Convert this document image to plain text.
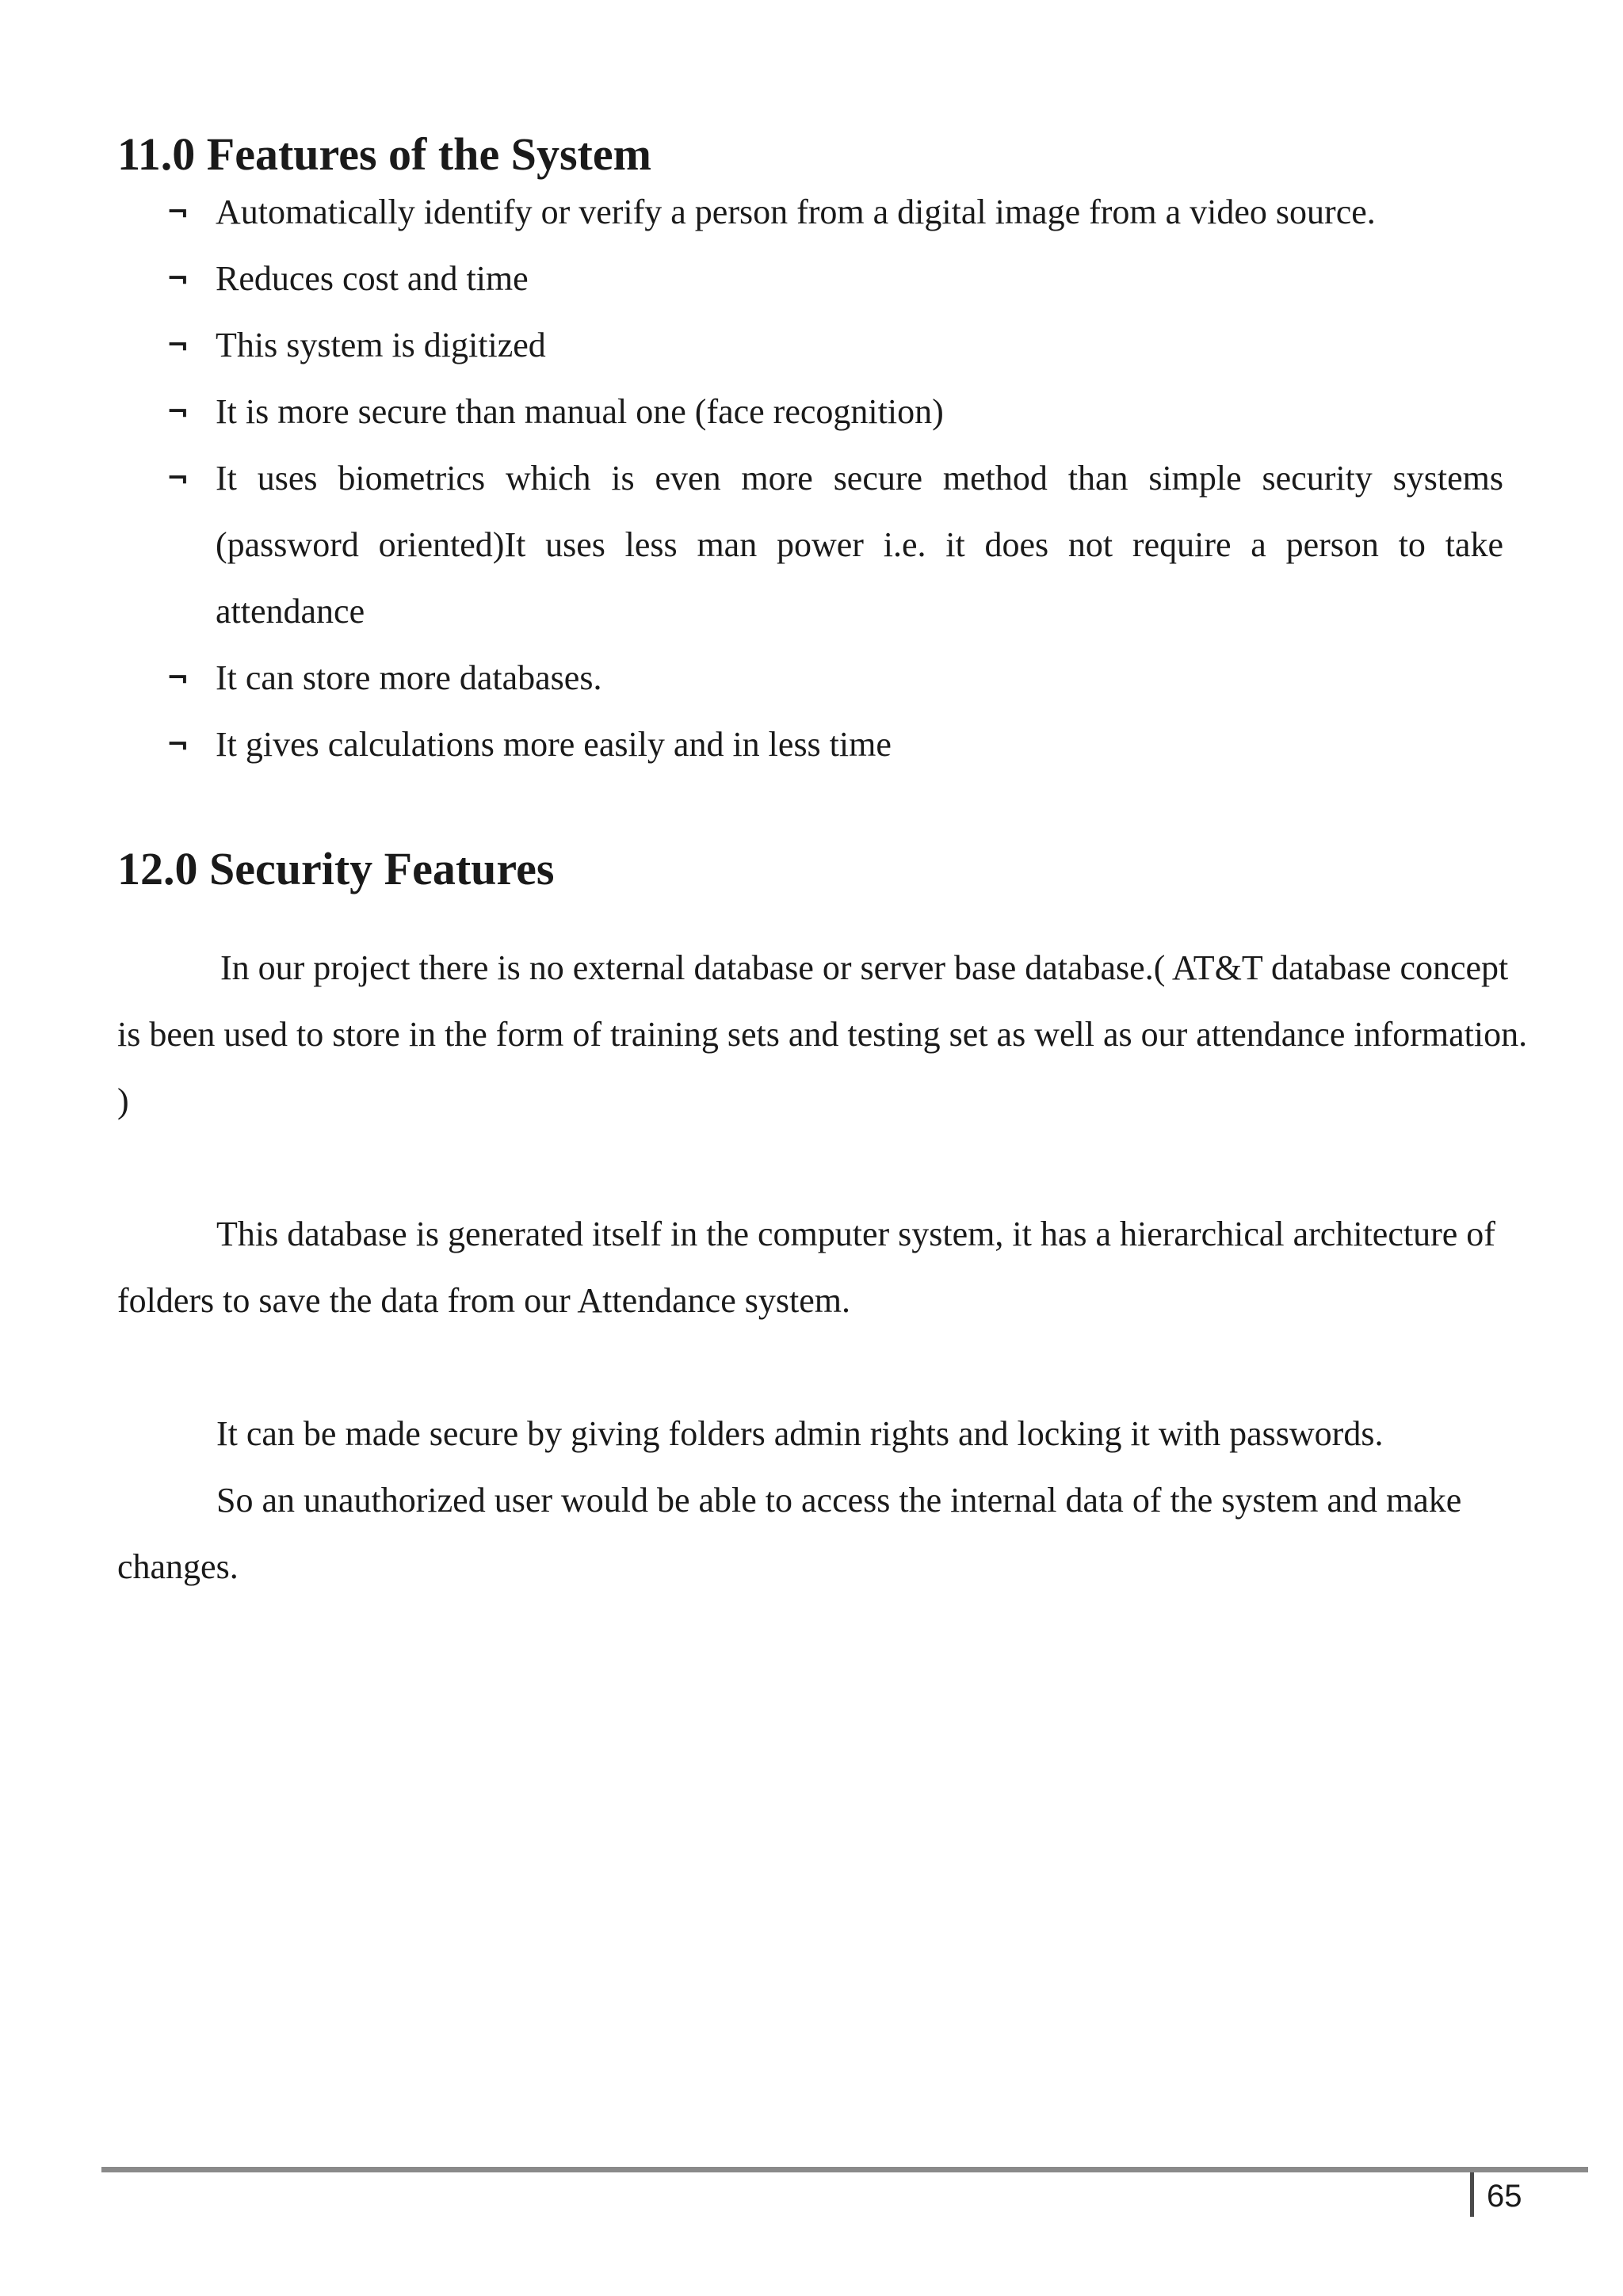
11.0 Features of the System
¬ Automatically identify or verify a person from a digital image from a video source.
¬ Reduces cost and time
¬ This system is digitized
¬ It is more secure than manual one (face recognition)
¬ It uses biometrics which is even more secure method than simple security systems (password oriented)It uses less man power i.e. it does not require a person to take attendance
¬ It can store more databases.
¬ It gives calculations more easily and in less time
12.0 Security Features

In our project there is no external database or server base database.( AT&T database concept is been used to store in the form of training sets and testing set as well as our attendance information. )

This database is generated itself in the computer system, it has a hierarchical architecture of folders to save the data from our Attendance system.

It can be made secure by giving folders admin rights and locking it with passwords.

So an unauthorized user would be able to access the internal data of the system and make changes.

65
